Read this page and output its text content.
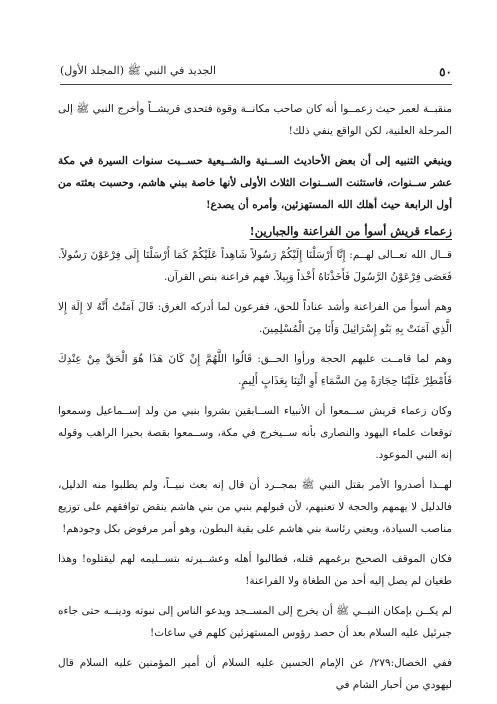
٥٠
الجديد في النبي ﷺ (المجلد الأول)

منقبــة لعمر حيث زعمــوا أنه كان صاحب مكانــة وقوة فتحدى قريشــاً وأخرج النبي ﷺ إلى المرحلة العلنية، لكن الواقع ينفي ذلك!

وينبغي التنبيه إلى أن بعض الأحاديث الســنية والشــيعية حســبت سنوات السيرة في مكة عشر ســنوات، فاستثنت الســنوات الثلاث الأولى لأنها خاصة ببني هاشم، وحسبت بعثته من أول الرابعة حيث أهلك الله المستهزئين، وأمره أن يصدع!

زعماء قريش أسوأ من الفراعنة والجبارين!

قــال الله تعــالى لهــم: إِنَّا أَرْسَلْنَا إِلَيْكُمْ رَسُولاً شَاهِداً عَلَيْكُمْ كَمَا أَرْسَلْنَا إِلَى فِرْعَوْنَ رَسُولاً. فَعَصَى فِرْعَوْنُ الرَّسُولَ فَأَخَذْنَاهُ أَخْذاً وَبِيلاً. فهم فراعنة بنص القرآن.

وهم أسوأ من الفراعنة وأشد عناداً للحق، ففرعون لما أدركه الغرق: قَالَ آمَنْتُ أَنَّهُ لا إِلَهَ إِلا الَّذِي آمَنَتْ بِهِ بَنُو إِسْرَائِيلَ وَأَنَا مِنَ الْمُسْلِمِينَ.

وهم لما قامــت عليهم الحجة ورأوا الحــق: قَالُوا اللَّهُمَّ إِنْ كَانَ هَذَا هُوَ الْحَقَّ مِنْ عِنْدِكَ فَأَمْطِرْ عَلَيْنَا حِجَارَةً مِنَ السَّمَاءِ أَوِ ائْتِنَا بِعَذَابٍ أَلِيمٍ.

وكان زعماء قريش ســمعوا أن الأنبياء الســابقين بشروا بنبي من ولد إســماعيل وسمعوا توقعات علماء اليهود والنصارى بأنه ســيخرج في مكة، وســمعوا بقصة بحيرا الراهب وقوله إنه النبي الموعود.

لهــذا أصدروا الأمر بقتل النبي ﷺ بمجــرد أن قال إنه بعث نبيــاً، ولم يطلبوا منه الدليل، فالدليل لا يهمهم والحجة لا تعنيهم، لأن قبولهم بنبي من بني هاشم ينقض توافقهم على توزيع مناصب السيادة، ويعني رئاسة بني هاشم على بقية البطون، وهو أمر مرفوض بكل وجودهم!

فكان الموقف الصحيح برغمهم قتله، فطالبوا أهله وعشــيرته بتســليمه لهم ليقتلوه! وهذا طغيان لم يصل إليه أحد من الطغاة ولا الفراعنة!

لم يكــن بإمكان النبــي ﷺ أن يخرج إلى المســجد ويدعو الناس إلى نبوته ودينــه حتى جاءه جبرئيل عليه السلام بعد أن حصد رؤوس المستهزئين كلهم في ساعات!

ففي الخصال:٢٧٩/ عن الإمام الحسين عليه السلام أن أمير المؤمنين عليه السلام قال ليهودي من أحبار الشام في
